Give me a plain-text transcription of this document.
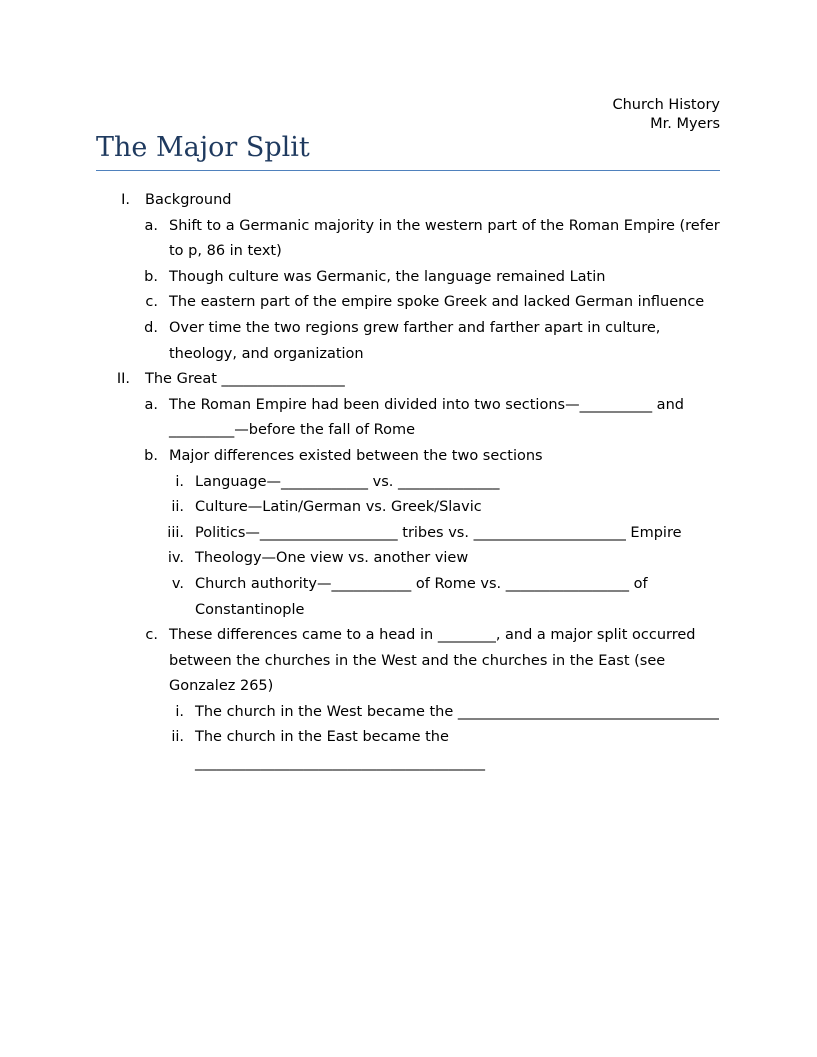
Church History
Mr. Myers
The Major Split
I. Background
a. Shift to a Germanic majority in the western part of the Roman Empire (refer to p, 86 in text)
b. Though culture was Germanic, the language remained Latin
c. The eastern part of the empire spoke Greek and lacked German influence
d. Over time the two regions grew farther and farther apart in culture, theology, and organization
II. The Great _________________
a. The Roman Empire had been divided into two sections—__________ and _________—before the fall of Rome
b. Major differences existed between the two sections
i. Language—____________ vs. ______________
ii. Culture—Latin/German vs. Greek/Slavic
iii. Politics—___________________ tribes vs. _____________________ Empire
iv. Theology—One view vs. another view
v. Church authority—___________ of Rome vs. _________________ of Constantinople
c. These differences came to a head in ________, and a major split occurred between the churches in the West and the churches in the East (see Gonzalez 265)
i. The church in the West became the ____________________________________
ii. The church in the East became the ________________________________________
